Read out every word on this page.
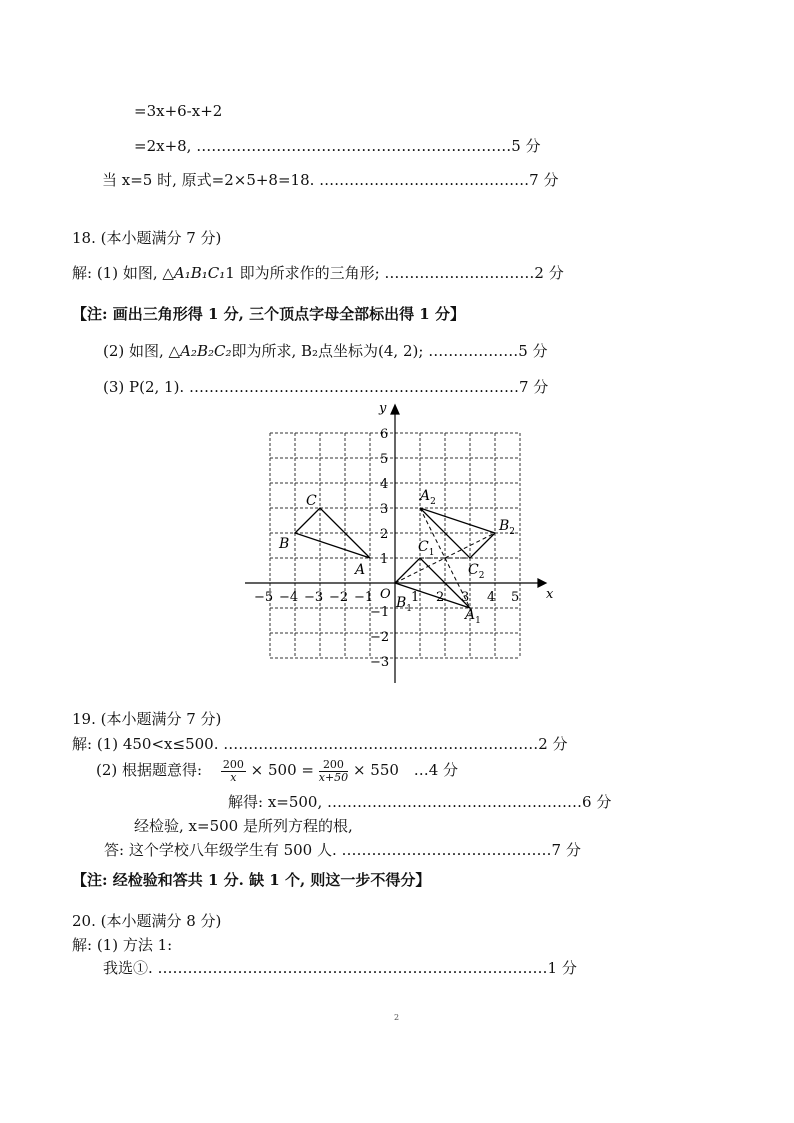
=3x+6-x+2
=2x+8, ………………………………………………………5 分
当 x=5 时, 原式=2×5+8=18. ……………………………………7 分
18. (本小题满分 7 分)
解: (1) 如图, △A₁B₁C₁1 即为所求作的三角形; …………………………2 分
【注: 画出三角形得 1 分, 三个顶点字母全部标出得 1 分】
(2) 如图, △A₂B₂C₂即为所求, B₂点坐标为(4, 2); ………………5 分
(3) P(2, 1). …………………………………………………………7 分
x
y
O
−5 −4 −3 −2 −1	1 2 3 4 5
6
5
4
3
2
1
−1
−2
−3
A
B
C
$A_1$
$B_1$
$C_1$
$A_2$
$B_2$
$C_2$
19. (本小题满分 7 分)
解: (1) 450<x≤500. ………………………………………………………2 分
(2) 根据题意得: $\frac{200}{x} \times 500 = \frac{200}{x+50} \times 550$ …4 分
解得: x=500, ……………………………………………6 分
经检验, x=500 是所列方程的根,
答: 这个学校八年级学生有 500 人. ……………………………………7 分
【注: 经检验和答共 1 分. 缺 1 个, 则这一步不得分】
20. (本小题满分 8 分)
解: (1) 方法 1:
我选①. ……………………………………………………………………1 分
2
